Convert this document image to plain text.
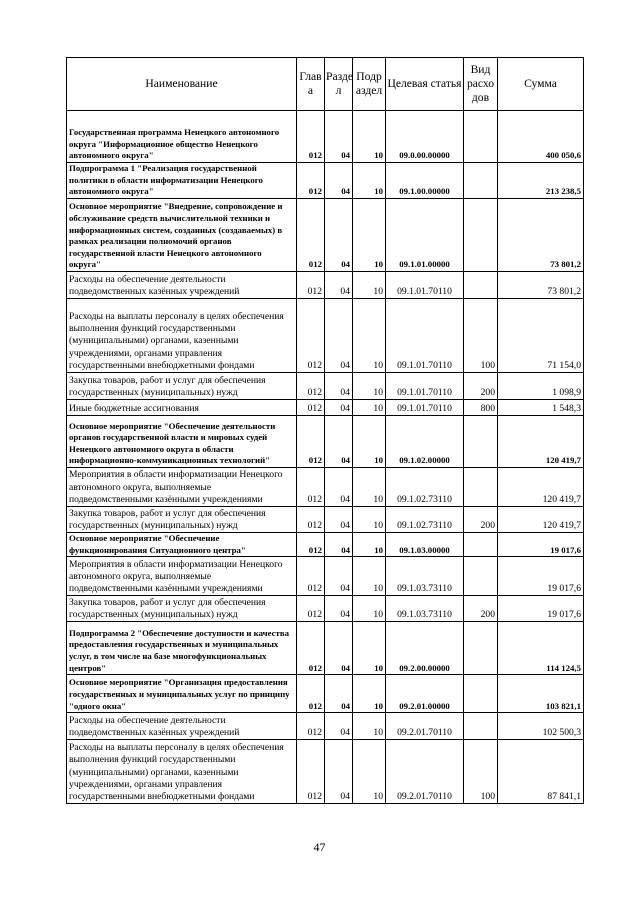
Наименование	Глав а	Разде л	Подр аздел	Целевая статья	Вид расхо дов	Сумма
Государственная программа Ненецкого автономного округа "Информационное общество Ненецкого автономного округа"	012	04	10	09.0.00.00000		400 050,6
Подпрограмма 1 "Реализация государственной политики в области информатизации Ненецкого автономного округа"	012	04	10	09.1.00.00000		213 238,5
Основное мероприятие "Внедрение, сопровождение и обслуживание средств вычислительной техники и информационных систем, созданных (создаваемых) в рамках реализации полномочий органов государственной власти Ненецкого автономного округа"	012	04	10	09.1.01.00000		73 801,2
Расходы на обеспечение деятельности подведомственных казённых учреждений	012	04	10	09.1.01.70110		73 801,2
Расходы на выплаты персоналу в целях обеспечения выполнения функций государственными (муниципальными) органами, казенными учреждениями, органами управления государственными внебюджетными фондами	012	04	10	09.1.01.70110	100	71 154,0
Закупка товаров, работ и услуг для обеспечения государственных (муниципальных) нужд	012	04	10	09.1.01.70110	200	1 098,9
Иные бюджетные ассигнования	012	04	10	09.1.01.70110	800	1 548,3
Основное мероприятие "Обеспечение деятельности органов государственной власти и мировых судей Ненецкого автономного округа в области информационно-коммуникационных технологий"	012	04	10	09.1.02.00000		120 419,7
Мероприятия в области информатизации Ненецкого автономного округа, выполняемые подведомственными казёнными учреждениями	012	04	10	09.1.02.73110		120 419,7
Закупка товаров, работ и услуг для обеспечения государственных (муниципальных) нужд	012	04	10	09.1.02.73110	200	120 419,7
Основное мероприятие "Обеспечение функционирования Ситуационного центра"	012	04	10	09.1.03.00000		19 017,6
Мероприятия в области информатизации Ненецкого автономного округа, выполняемые подведомственными казёнными учреждениями	012	04	10	09.1.03.73110		19 017,6
Закупка товаров, работ и услуг для обеспечения государственных (муниципальных) нужд	012	04	10	09.1.03.73110	200	19 017,6
Подпрограмма 2 "Обеспечение доступности и качества предоставления государственных и муниципальных услуг, в том числе на базе многофункциональных центров"	012	04	10	09.2.00.00000		114 124,5
Основное мероприятие "Организация предоставления государственных и муниципальных услуг по принципу "одного окна"	012	04	10	09.2.01.00000		103 821,1
Расходы на обеспечение деятельности подведомственных казённых учреждений	012	04	10	09.2.01.70110		102 500,3
Расходы на выплаты персоналу в целях обеспечения выполнения функций государственными (муниципальными) органами, казенными учреждениями, органами управления государственными внебюджетными фондами	012	04	10	09.2.01.70110	100	87 841,1
47
